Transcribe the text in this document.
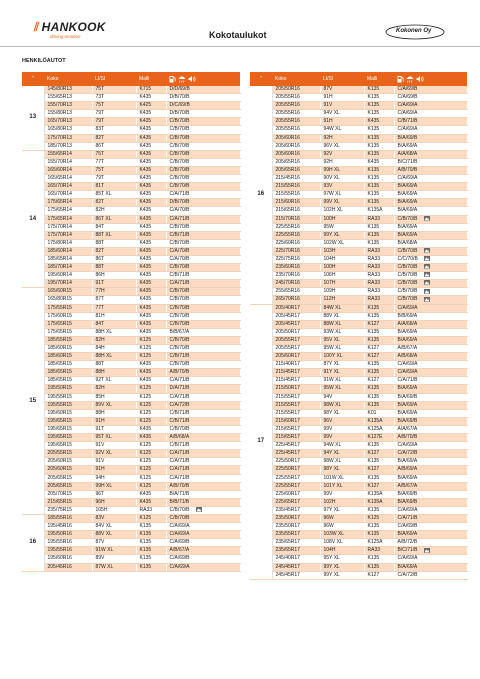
⫽ HANKOOK
driving emotion	Kokotaulukot	Kokonen Oy
HENKILÖAUTOT
"	Koko	LI/SI	Malli	

13	145/80R13	75T	K715	D/D/69/B
	155/65R13	73T	K435	D/B/70/B
	155/70R13	75T	K425	D/C/69/B
	155/80R13	79T	K435	D/B/70/B
	165/70R13	79T	K435	C/B/70/B
	165/80R13	83T	K435	C/B/70/B
	175/70R13	82T	K435	C/B/70/B
	185/70R13	86T	K435	C/B/70/B
14	155/65R14	75T	K435	C/B/70/B
	155/70R14	77T	K435	C/B/70/B
	165/60R14	75T	K435	C/B/70/B
	165/65R14	79T	K435	C/B/70/B
	165/70R14	81T	K435	C/B/70/B
	165/70R14	85T XL	K435	C/A/71/B
	175/65R14	82T	K435	D/B/70/B
	175/65R14	82H	K435	C/A/70/B
	175/65R14	86T XL	K435	C/A/71/B
	175/70R14	84T	K435	C/B/70/B
	175/70R14	88T XL	K435	C/B/71/B
	175/80R14	88T	K435	C/B/70/B
	185/60R14	82T	K435	C/A/70/B
	185/65R14	86T	K435	C/A/70/B
	185/70R14	88T	K435	C/B/70/B
	195/60R14	86H	K435	C/B/71/B
	195/70R14	91T	K435	C/A/71/B
15	165/60R15	77H	K435	C/B/70/B
	165/80R15	87T	K435	C/B/70/B
	175/55R15	77T	K435	C/B/70/B
	175/60R15	81H	K435	C/B/70/B
	175/65R15	84T	K435	C/B/70/B
	175/65R15	88H XL	K435	B/B/67/A
	185/55R15	82H	K125	C/B/70/B
	185/60R15	84H	K125	C/B/70/B
	185/60R15	88H XL	K125	C/B/71/B
	185/65R15	88T	K435	C/B/70/B
	185/65R15	88H	K435	A/B/70/B
	185/65R15	92T XL	K435	C/A/71/B
	195/50R15	82H	K125	D/A/71/B
	195/55R15	85H	K125	C/A/71/B
	195/55R15	89V XL	K125	C/A/72/B
	195/60R15	88H	K125	C/B/71/B
	195/65R15	91H	K125	C/B/71/B
	195/65R15	91T	K435	C/B/70/B
	195/65R15	95T XL	K435	A/B/68/A
	195/65R15	91V	K125	C/B/71/B
	205/55R15	92V XL	K125	C/A/71/B
	205/60R15	91V	K125	C/A/71/B
	205/60R15	91H	K125	C/A/71/B
	205/65R15	94H	K125	C/A/71/B
	205/65R15	99H XL	K125	A/B/70/B
	205/70R15	96T	K435	B/A/71/B
	215/65R15	96H	K435	B/B/71/B
	235/75R15	105H	RA33	C/B/70/B
16	185/55R16	83V	K125	C/B/70/B
	195/45R16	84V XL	K135	C/A/69/A
	195/50R16	88V XL	K135	C/A/69/A
	195/55R16	87V	K135	C/A/69/B
	195/55R16	91W XL	K135	A/B/67/A
	195/60R16	89V	K135	C/A/69/B
	205/45R16	87W XL	K135	C/A/69/A
"	Koko	LI/SI	Malli	

16	205/50R16	87V	K135	C/A/69/B
	205/55R16	91H	K135	C/A/69/B
	205/55R16	91V	K135	C/A/69/A
	205/55R16	94V XL	K135	C/A/69/A
	205/55R16	91H	K435	C/B/71/B
	205/55R16	94W XL	K135	C/A/69/A
	205/60R16	92H	K135	B/A/69/B
	205/60R16	96V XL	K135	B/A/69/A
	205/60R16	92V	K135	A/A/68/A
	205/65R16	92H	K435	B/C/71/B
	205/65R16	99H XL	K135	A/B/70/B
	215/45R16	90V XL	K135	C/A/69/A
	215/55R16	93V	K135	B/A/69/A
	215/55R16	97W XL	K135	B/A/69/A
	215/60R16	99V XL	K135	B/A/69/A
	215/65R16	102H XL	K135A	B/A/69/A
	215/70R16	100H	RA33	C/B/70/B
	225/55R16	95W	K135	B/A/69/A
	225/55R16	99Y XL	K135	B/A/69/A
	225/60R16	102W XL	K135	B/A/68/A
	225/70R16	103H	RA33	C/B/70/B
	225/75R16	104H	RA33	C/C/70/B
	235/60R16	100H	RA33	C/B/70/B
	235/70R16	106H	RA33	C/B/70/B
	245/70R16	107H	RA33	C/B/70/B
	255/65R16	109H	RA33	C/B/70/B
	265/70R16	112H	RA33	C/B/70/B
17	205/40R17	84W XL	K135	C/A/69/A
	205/45R17	88V XL	K135	B/B/69/A
	205/45R17	88W XL	K127	A/A/68/A
	205/50R17	93W XL	K135	B/A/69/A
	205/55R17	95V XL	K135	B/A/69/A
	205/55R17	95W XL	K127	A/B/67/A
	205/60R17	100Y XL	K127	A/B/68/A
	215/40R17	87Y XL	K135	C/A/69/A
	215/45R17	91Y XL	K135	C/A/69/A
	215/45R17	91W XL	K127	C/A/71/B
	215/50R17	95W XL	K135	B/A/69/A
	215/55R17	94V	K135	B/A/69/B
	215/55R17	98W XL	K135	B/A/69/A
	215/55R17	98Y XL	K01	B/A/69/A
	215/60R17	96V	K135A	B/A/69/B
	215/65R17	99V	K125A	A/A/67/A
	215/65R17	99V	K127E	A/B/70/B
	225/45R17	94W XL	K135	C/A/69/A
	225/45R17	94Y XL	K127	C/A/72/B
	225/50R17	98W XL	K135	B/A/69/A
	225/50R17	98Y XL	K127	A/B/69/A
	225/55R17	101W XL	K135	B/A/69/A
	225/55R17	101Y XL	K127	A/B/67/A
	225/60R17	99V	K135A	B/A/69/B
	225/65R17	102H	K135A	B/A/69/B
	235/45R17	97Y XL	K135	C/A/69/A
	235/50R17	96W	K125	C/A/71/B
	235/50R17	96W	K135	C/A/69/B
	235/55R17	103W XL	K135	B/A/69/A
	235/65R17	108V XL	K125A	A/B/72/B
	235/65R17	104H	RA33	B/C/71/B
	245/40R17	95Y XL	K135	C/A/69/A
	245/45R17	99Y XL	K135	B/A/69/A
	245/45R17	99Y XL	K127	C/A/72/B
